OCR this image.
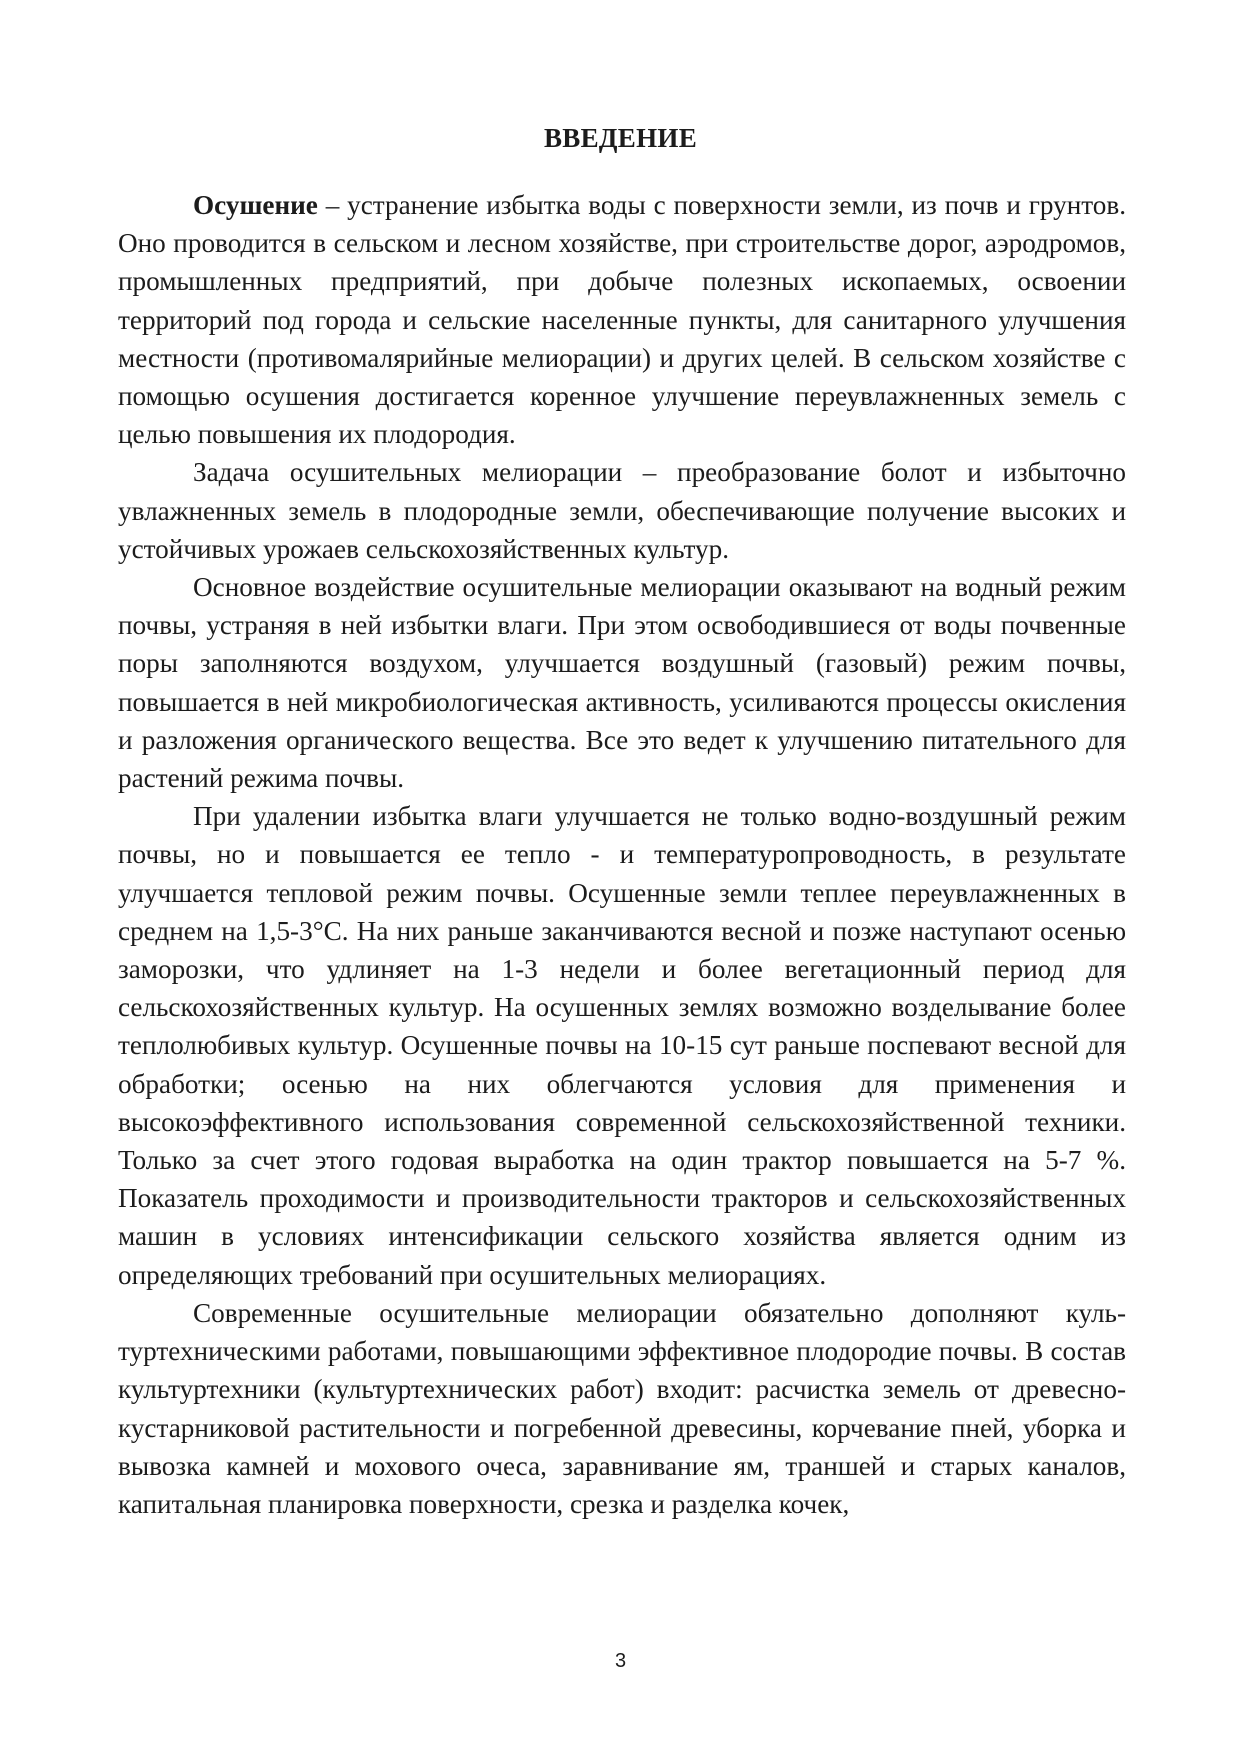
ВВЕДЕНИЕ

Осушение – устранение избытка воды с поверхности земли, из почв и грунтов. Оно проводится в сельском и лесном хозяйстве, при строительстве дорог, аэродромов, промышленных предприятий, при добыче полезных ископаемых, освоении территорий под города и сельские населенные пункты, для санитарного улучшения местности (противомалярийные мелиорации) и других целей. В сельском хозяйстве с помощью осушения достигается коренное улучшение переувлажненных земель с целью повышения их плодородия.

Задача осушительных мелиорации – преобразование болот и избыточно увлажненных земель в плодородные земли, обеспечивающие получение высоких и устойчивых урожаев сельскохозяйственных культур.

Основное воздействие осушительные мелиорации оказывают на водный режим почвы, устраняя в ней избытки влаги. При этом освободившиеся от воды почвенные поры заполняются воздухом, улучшается воздушный (газовый) режим почвы, повышается в ней микробиологическая активность, усиливаются процессы окисления и разложения органического вещества. Все это ведет к улучшению питательного для растений режима почвы.

При удалении избытка влаги улучшается не только водно-воздушный режим почвы, но и повышается ее тепло - и температуропроводность, в результате улучшается тепловой режим почвы. Осушенные земли теплее переувлажненных в среднем на 1,5-3°C. На них раньше заканчиваются весной и позже наступают осенью заморозки, что удлиняет на 1-3 недели и более вегетационный период для сельскохозяйственных культур. На осушенных землях возможно возделывание более теплолюбивых культур. Осушенные почвы на 10-15 сут раньше поспевают весной для обработки; осенью на них облегчаются условия для применения и высокоэффективного использования современной сельскохозяйственной техники. Только за счет этого годовая выработка на один трактор повышается на 5-7 %. Показатель проходимости и производительности тракторов и сельскохозяйственных машин в условиях интенсификации сельского хозяйства является одним из определяющих требований при осушительных мелиорациях.

Современные осушительные мелиорации обязательно дополняют культуртехническими работами, повышающими эффективное плодородие почвы. В состав культуртехники (культуртехнических работ) входит: расчистка земель от древесно-кустарниковой растительности и погребенной древесины, корчевание пней, уборка и вывозка камней и мохового очеса, заравнивание ям, траншей и старых каналов, капитальная планировка поверхности, срезка и разделка кочек,

3
